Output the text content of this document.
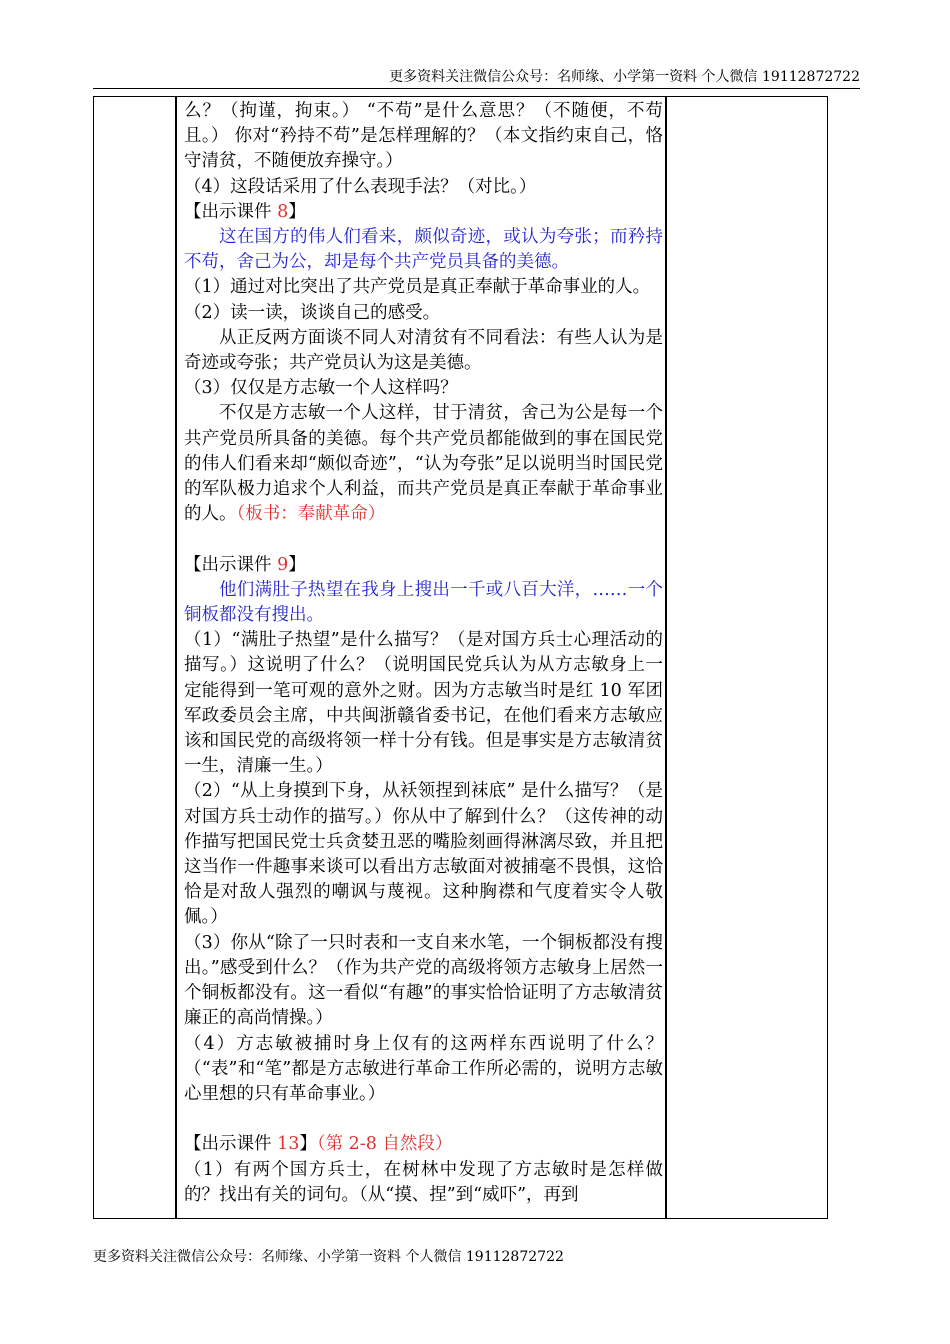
更多资料关注微信公众号：名师缘、小学第一资料 个人微信 19112872722

么？（拘谨，拘束。） “不苟”是什么意思？（不随便，不苟且。） 你对“矜持不苟”是怎样理解的？（本文指约束自己，恪守清贫，不随便放弃操守。）

（4）这段话采用了什么表现手法？（对比。）

【出示课件 8】

这在国方的伟人们看来，颇似奇迹，或认为夸张；而矜持不苟，舍己为公，却是每个共产党员具备的美德。

（1）通过对比突出了共产党员是真正奉献于革命事业的人。

（2）读一读，谈谈自己的感受。

从正反两方面谈不同人对清贫有不同看法：有些人认为是奇迹或夸张；共产党员认为这是美德。

（3）仅仅是方志敏一个人这样吗？

不仅是方志敏一个人这样，甘于清贫，舍己为公是每一个共产党员所具备的美德。每个共产党员都能做到的事在国民党的伟人们看来却“颇似奇迹”，“认为夸张”足以说明当时国民党的军队极力追求个人利益，而共产党员是真正奉献于革命事业的人。（板书：奉献革命）

【出示课件 9】

他们满肚子热望在我身上搜出一千或八百大洋，……一个铜板都没有搜出。

（1）“满肚子热望”是什么描写？（是对国方兵士心理活动的描写。）这说明了什么？（说明国民党兵认为从方志敏身上一定能得到一笔可观的意外之财。因为方志敏当时是红 10 军团军政委员会主席，中共闽浙赣省委书记，在他们看来方志敏应该和国民党的高级将领一样十分有钱。但是事实是方志敏清贫一生，清廉一生。）

（2）“从上身摸到下身，从袄领捏到袜底” 是什么描写？（是对国方兵士动作的描写。）你从中了解到什么？（这传神的动作描写把国民党士兵贪婪丑恶的嘴脸刻画得淋漓尽致，并且把这当作一件趣事来谈可以看出方志敏面对被捕毫不畏惧，这恰恰是对敌人强烈的嘲讽与蔑视。这种胸襟和气度着实令人敬佩。）

（3）你从“除了一只时表和一支自来水笔，一个铜板都没有搜出。”感受到什么？（作为共产党的高级将领方志敏身上居然一个铜板都没有。这一看似“有趣”的事实恰恰证明了方志敏清贫廉正的高尚情操。）

（4）方志敏被捕时身上仅有的这两样东西说明了什么？（“表”和“笔”都是方志敏进行革命工作所必需的，说明方志敏心里想的只有革命事业。）

【出示课件 13】（第 2-8 自然段）

（1）有两个国方兵士，在树林中发现了方志敏时是怎样做的？找出有关的词句。（从“摸、捏”到“威吓”，再到

更多资料关注微信公众号：名师缘、小学第一资料 个人微信 19112872722
